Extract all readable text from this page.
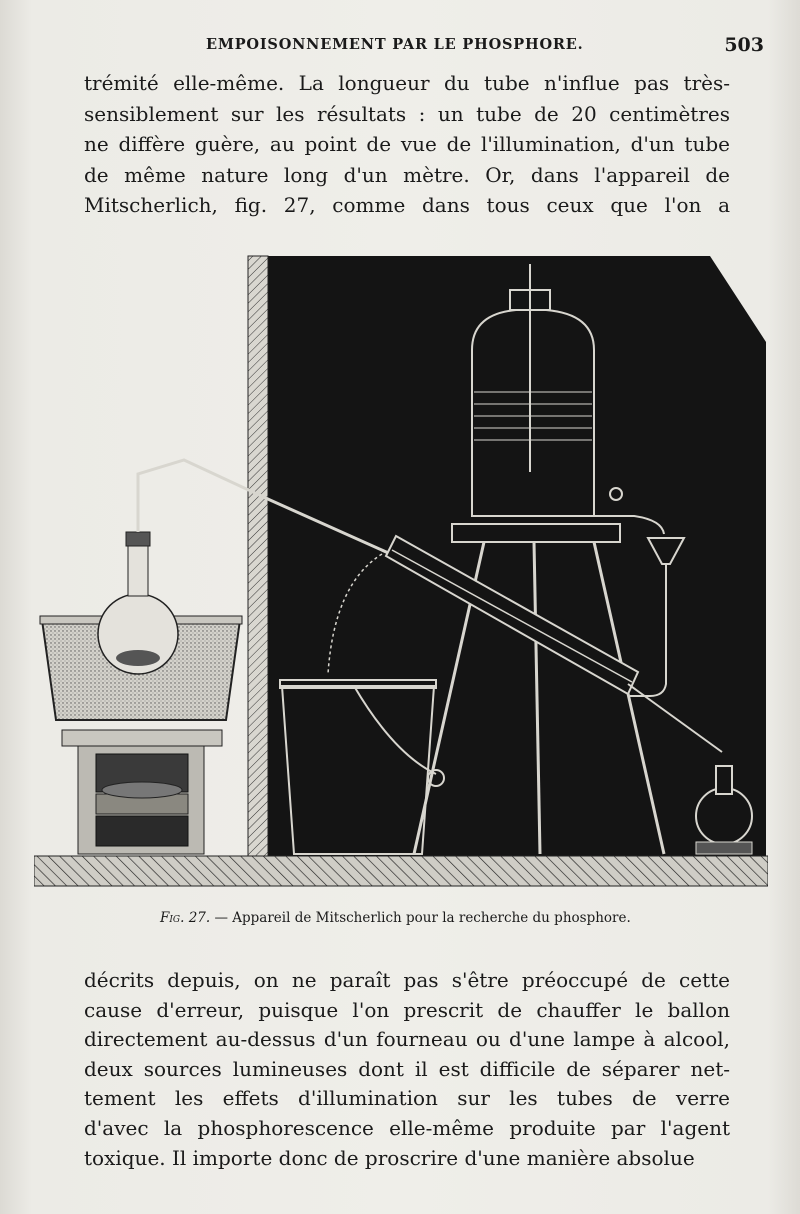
EMPOISONNEMENT PAR LE PHOSPHORE.	503
trémité elle-même. La longueur du tube n'influe pas très-
sensiblement sur les résultats : un tube de 20 centimètres
ne diffère guère, au point de vue de l'illumination, d'un tube
de même nature long d'un mètre. Or, dans l'appareil de
Mitscherlich, fig. 27, comme dans tous ceux que l'on a
Fig. 27. — Appareil de Mitscherlich pour la recherche du phosphore.
décrits depuis, on ne paraît pas s'être préoccupé de cette
cause d'erreur, puisque l'on prescrit de chauffer le ballon
directement au-dessus d'un fourneau ou d'une lampe à alcool,
deux sources lumineuses dont il est difficile de séparer net-
tement les effets d'illumination sur les tubes de verre
d'avec la phosphorescence elle-même produite par l'agent
toxique. Il importe donc de proscrire d'une manière absolue
